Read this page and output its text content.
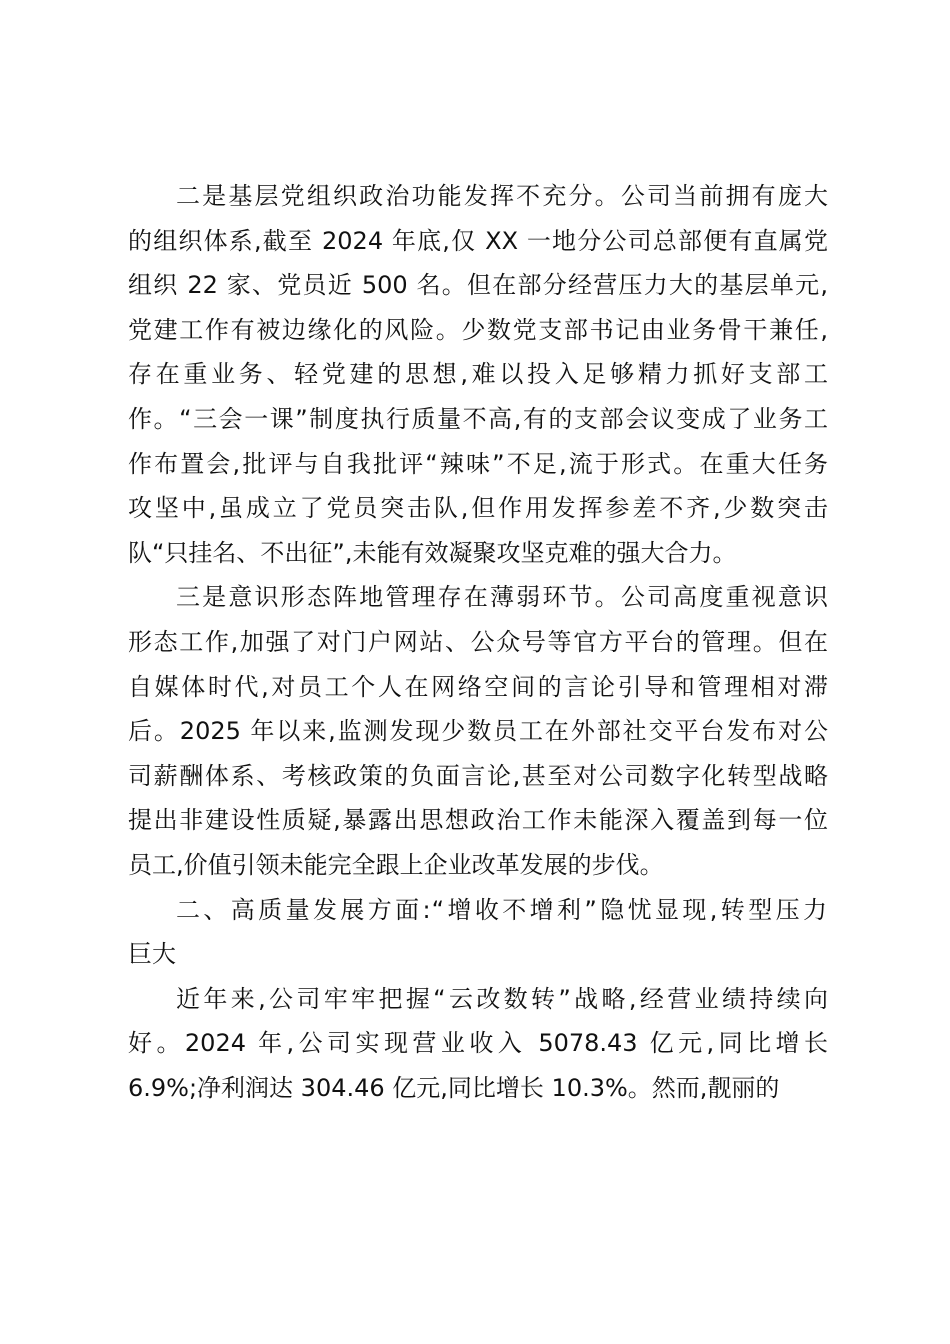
二是基层党组织政治功能发挥不充分。公司当前拥有庞大
的组织体系,截至 2024 年底,仅 XX 一地分公司总部便有直属党
组织 22 家、党员近 500 名。但在部分经营压力大的基层单元,
党建工作有被边缘化的风险。少数党支部书记由业务骨干兼任,
存在重业务、轻党建的思想,难以投入足够精力抓好支部工
作。“三会一课”制度执行质量不高,有的支部会议变成了业务工
作布置会,批评与自我批评“辣味”不足,流于形式。在重大任务
攻坚中,虽成立了党员突击队,但作用发挥参差不齐,少数突击
队“只挂名、不出征”,未能有效凝聚攻坚克难的强大合力。
三是意识形态阵地管理存在薄弱环节。公司高度重视意识
形态工作,加强了对门户网站、公众号等官方平台的管理。但在
自媒体时代,对员工个人在网络空间的言论引导和管理相对滞
后。2025 年以来,监测发现少数员工在外部社交平台发布对公
司薪酬体系、考核政策的负面言论,甚至对公司数字化转型战略
提出非建设性质疑,暴露出思想政治工作未能深入覆盖到每一位
员工,价值引领未能完全跟上企业改革发展的步伐。
二、高质量发展方面:“增收不增利”隐忧显现,转型压力
巨大
近年来,公司牢牢把握“云改数转”战略,经营业绩持续向
好。2024 年,公司实现营业收入 5078.43 亿元,同比增长
6.9%;净利润达 304.46 亿元,同比增长 10.3%。然而,靓丽的
